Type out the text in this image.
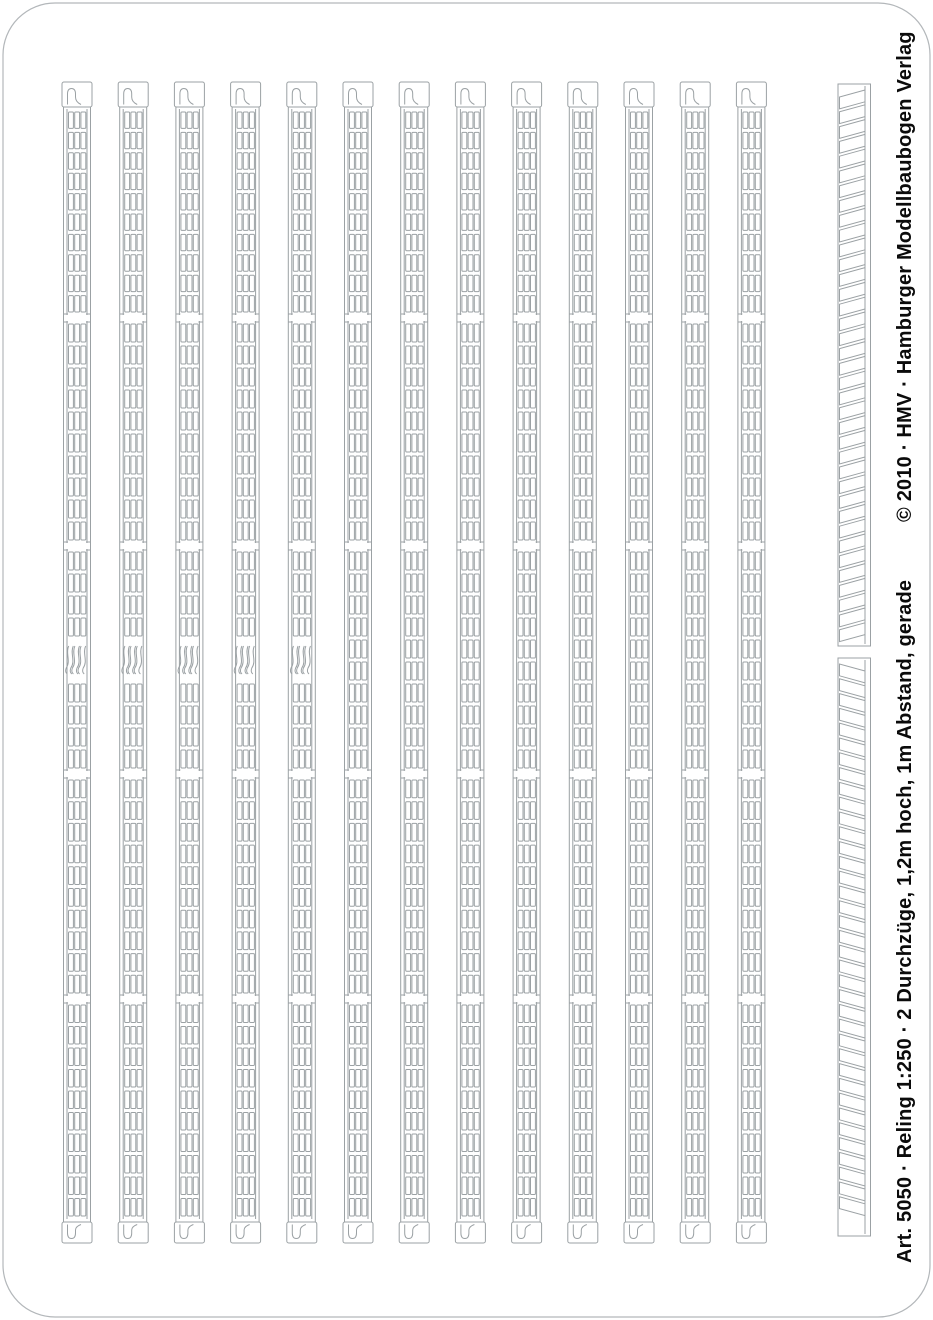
Art. 5050 · Reling 1:250 · 2 Durchzüge, 1,2m hoch, 1m Abstand, gerade
© 2010 · HMV · Hamburger Modellbaubogen Verlag
